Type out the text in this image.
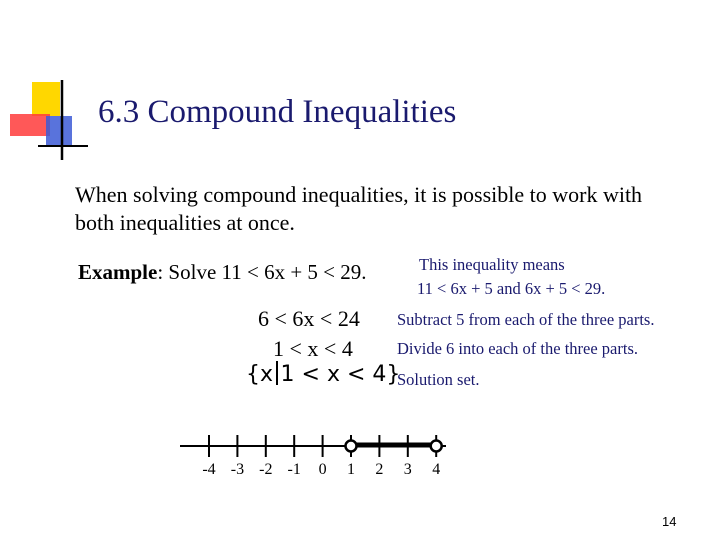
6.3 Compound Inequalities
When solving compound inequalities, it is possible to work with both inequalities at once.
Example: Solve 11 < 6x + 5 < 29.	This inequality means
11 < 6x + 5 and 6x + 5 < 29.
6 < 6x < 24
1 < x < 4
Subtract 5 from each of the three parts.
Divide 6 into each of the three parts.
{x 1 < x < 4}
Solution set.
-4 -3 -2 -1 0 1 2 3 4
14
